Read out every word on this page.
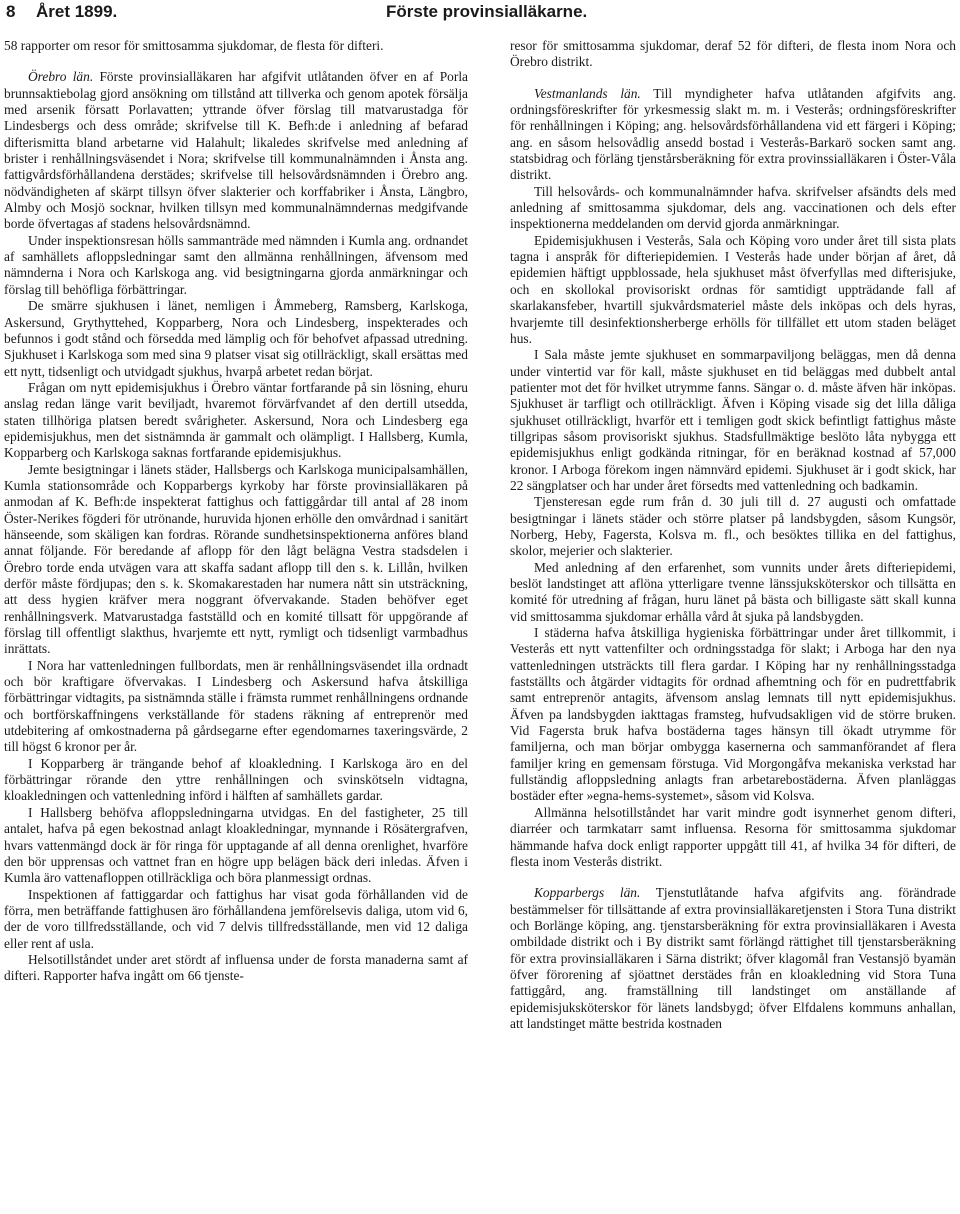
8 Året 1899.	Förste provinsialläkarne.

58 rapporter om resor för smittosamma sjukdomar, de flesta för difteri.

Örebro län. Förste provinsialläkaren har afgifvit utlåtanden öfver en af Porla brunnsaktiebolag gjord ansökning om tillstånd att tillverka och genom apotek försälja med arsenik försatt Porlavatten; yttrande öfver förslag till matvarustadga för Lindesbergs och dess område; skrifvelse till K. Befh:de i anledning af befarad difterismitta bland arbetarne vid Halahult; likaledes skrifvelse med anledning af brister i renhållningsväsendet i Nora; skrifvelse till kommunalnämnden i Ånsta ang. fattigvårdsförhållandena derstädes; skrifvelse till helsovårdsnämnden i Örebro ang. nödvändigheten af skärpt tillsyn öfver slakterier och korffabriker i Ånsta, Längbro, Almby och Mosjö socknar, hvilken tillsyn med kommunalnämndernas medgifvande borde öfvertagas af stadens helsovårdsnämnd.

Under inspektionsresan hölls sammanträde med nämnden i Kumla ang. ordnandet af samhällets afloppsledningar samt den allmänna renhållningen, äfvensom med nämnderna i Nora och Karlskoga ang. vid besigtningarna gjorda anmärkningar och förslag till behöfliga förbättringar.

De smärre sjukhusen i länet, nemligen i Åmmeberg, Ramsberg, Karlskoga, Askersund, Grythyttehed, Kopparberg, Nora och Lindesberg, inspekterades och befunnos i godt stånd och försedda med lämplig och för behofvet afpassad utredning. Sjukhuset i Karlskoga som med sina 9 platser visat sig otillräckligt, skall ersättas med ett nytt, tidsenligt och utvidgadt sjukhus, hvarpå arbetet redan börjat.

Frågan om nytt epidemisjukhus i Örebro väntar fortfarande på sin lösning, ehuru anslag redan länge varit beviljadt, hvaremot förvärfvandet af den dertill utsedda, staten tillhöriga platsen beredt svårigheter. Askersund, Nora och Lindesberg ega epidemisjukhus, men det sistnämnda är gammalt och olämpligt. I Hallsberg, Kumla, Kopparberg och Karlskoga saknas fortfarande epidemisjukhus.

Jemte besigtningar i länets städer, Hallsbergs och Karlskoga municipalsamhällen, Kumla stationsområde och Kopparbergs kyrkoby har förste provinsialläkaren på anmodan af K. Befh:de inspekterat fattighus och fattiggårdar till antal af 28 inom Öster-Nerikes fögderi för utrönande, huruvida hjonen erhölle den omvårdnad i sanitärt hänseende, som skäligen kan fordras. Rörande sundhetsinspektionerna anföres bland annat följande. För beredande af aflopp för den lågt belägna Vestra stadsdelen i Örebro torde enda utvägen vara att skaffa sadant aflopp till den s. k. Lillån, hvilken derför måste fördjupas; den s. k. Skomakarestaden har numera nått sin utsträckning, att dess hygien kräfver mera noggrant öfvervakande. Staden behöfver eget renhållningsverk. Matvarustadga fastställd och en komité tillsatt för uppgörande af förslag till offentligt slakthus, hvarjemte ett nytt, rymligt och tidsenligt varmbadhus inrättats.

I Nora har vattenledningen fullbordats, men är renhållningsväsendet illa ordnadt och bör kraftigare öfvervakas. I Lindesberg och Askersund hafva åtskilliga förbättringar vidtagits, pa sistnämnda ställe i främsta rummet renhållningens ordnande och bortförskaffningens verkställande för stadens räkning af entreprenör med utdebitering af omkostnaderna på gårdsegarne efter egendomarnes taxeringsvärde, 2 till högst 6 kronor per år.

I Kopparberg är trängande behof af kloakledning. I Karlskoga äro en del förbättringar rörande den yttre renhållningen och svinskötseln vidtagna, kloakledningen och vattenledning införd i hälften af samhällets gardar.

I Hallsberg behöfva afloppsledningarna utvidgas. En del fastigheter, 25 till antalet, hafva på egen bekostnad anlagt kloakledningar, mynnande i Rösätergrafven, hvars vattenmängd dock är för ringa för upptagande af all denna orenlighet, hvarföre den bör upprensas och vattnet fran en högre upp belägen bäck deri inledas. Äfven i Kumla äro vattenafloppen otillräckliga och böra planmessigt ordnas.

Inspektionen af fattiggardar och fattighus har visat goda förhållanden vid de förra, men beträffande fattighusen äro förhållandena jemförelsevis daliga, utom vid 6, der de voro tillfredsställande, och vid 7 delvis tillfredsställande, men vid 12 daliga eller rent af usla.

Helsotillståndet under aret stördt af influensa under de forsta manaderna samt af difteri. Rapporter hafva ingått om 66 tjenste-

resor för smittosamma sjukdomar, deraf 52 för difteri, de flesta inom Nora och Örebro distrikt.

Vestmanlands län. Till myndigheter hafva utlåtanden afgifvits ang. ordningsföreskrifter för yrkesmessig slakt m. m. i Vesterås; ordningsföreskrifter för renhållningen i Köping; ang. helsovårdsförhållandena vid ett färgeri i Köping; ang. en såsom helsovådlig ansedd bostad i Vesterås-Barkarö socken samt ang. statsbidrag och förläng tjenstårsberäkning för extra provinssialläkaren i Öster-Våla distrikt.

Till helsovårds- och kommunalnämnder hafva. skrifvelser afsändts dels med anledning af smittosamma sjukdomar, dels ang. vaccinationen och dels efter inspektionerna meddelanden om dervid gjorda anmärkningar.

Epidemisjukhusen i Vesterås, Sala och Köping voro under året till sista plats tagna i anspråk för difteriepidemien. I Vesterås hade under början af året, då epidemien häftigt uppblossade, hela sjukhuset måst öfverfyllas med difterisjuke, och en skollokal provisoriskt ordnas för samtidigt uppträdande fall af skarlakansfeber, hvartill sjukvårdsmateriel måste dels inköpas och dels hyras, hvarjemte till desinfektionsherberge erhölls för tillfället ett utom staden beläget hus.

I Sala måste jemte sjukhuset en sommarpaviljong beläggas, men då denna under vintertid var för kall, måste sjukhuset en tid beläggas med dubbelt antal patienter mot det för hvilket utrymme fanns. Sängar o. d. måste äfven här inköpas. Sjukhuset är tarfligt och otillräckligt. Äfven i Köping visade sig det lilla dåliga sjukhuset otillräckligt, hvarför ett i temligen godt skick befintligt fattighus måste tillgripas såsom provisoriskt sjukhus. Stadsfullmäktige beslöto låta nybygga ett epidemisjukhus enligt godkända ritningar, för en beräknad kostnad af 57,000 kronor. I Arboga förekom ingen nämnvärd epidemi. Sjukhuset är i godt skick, har 22 sängplatser och har under året försedts med vattenledning och badkamin.

Tjensteresan egde rum från d. 30 juli till d. 27 augusti och omfattade besigtningar i länets städer och större platser på landsbygden, såsom Kungsör, Norberg, Heby, Fagersta, Kolsva m. fl., och besöktes tillika en del fattighus, skolor, mejerier och slakterier.

Med anledning af den erfarenhet, som vunnits under årets difteriepidemi, beslöt landstinget att aflöna ytterligare tvenne länssjuksköterskor och tillsätta en komité för utredning af frågan, huru länet på bästa och billigaste sätt skall kunna vid smittosamma sjukdomar erhålla vård åt sjuka på landsbygden.

I städerna hafva åtskilliga hygieniska förbättringar under året tillkommit, i Vesterås ett nytt vattenfilter och ordningsstadga för slakt; i Arboga har den nya vattenledningen utsträckts till flera gardar. I Köping har ny renhållningsstadga fastställts och åtgärder vidtagits för ordnad afhemtning och för en pudrettfabrik samt entreprenör antagits, äfvensom anslag lemnats till nytt epidemisjukhus. Äfven pa landsbygden iakttagas framsteg, hufvudsakligen vid de större bruken. Vid Fagersta bruk hafva bostäderna tages hänsyn till ökadt utrymme för familjerna, och man börjar ombygga kasernerna och sammanförandet af flera familjer kring en gemensam förstuga. Vid Morgongåfva mekaniska verkstad har fullständig afloppsledning anlagts fran arbetarebostäderna. Äfven planläggas bostäder efter »egna-hems-systemet», såsom vid Kolsva.

Allmänna helsotillståndet har varit mindre godt isynnerhet genom difteri, diarréer och tarmkatarr samt influensa. Resorna för smittosamma sjukdomar hämmande hafva dock enligt rapporter uppgått till 41, af hvilka 34 för difteri, de flesta inom Vesterås distrikt.

Kopparbergs län. Tjenstutlåtande hafva afgifvits ang. förändrade bestämmelser för tillsättande af extra provinsialläkaretjensten i Stora Tuna distrikt och Borlänge köping, ang. tjenstarsberäkning för extra provinsialläkaren i Avesta ombildade distrikt och i By distrikt samt förlängd rättighet till tjenstarsberäkning för extra provinsialläkaren i Särna distrikt; öfver klagomål fran Vestansjö byamän öfver förorening af sjöattnet derstädes från en kloakledning vid Stora Tuna fattiggård, ang. framställning till landstinget om anställande af epidemisjuksköterskor för länets landsbygd; öfver Elfdalens kommuns anhallan, att landstinget mätte bestrida kostnaden
